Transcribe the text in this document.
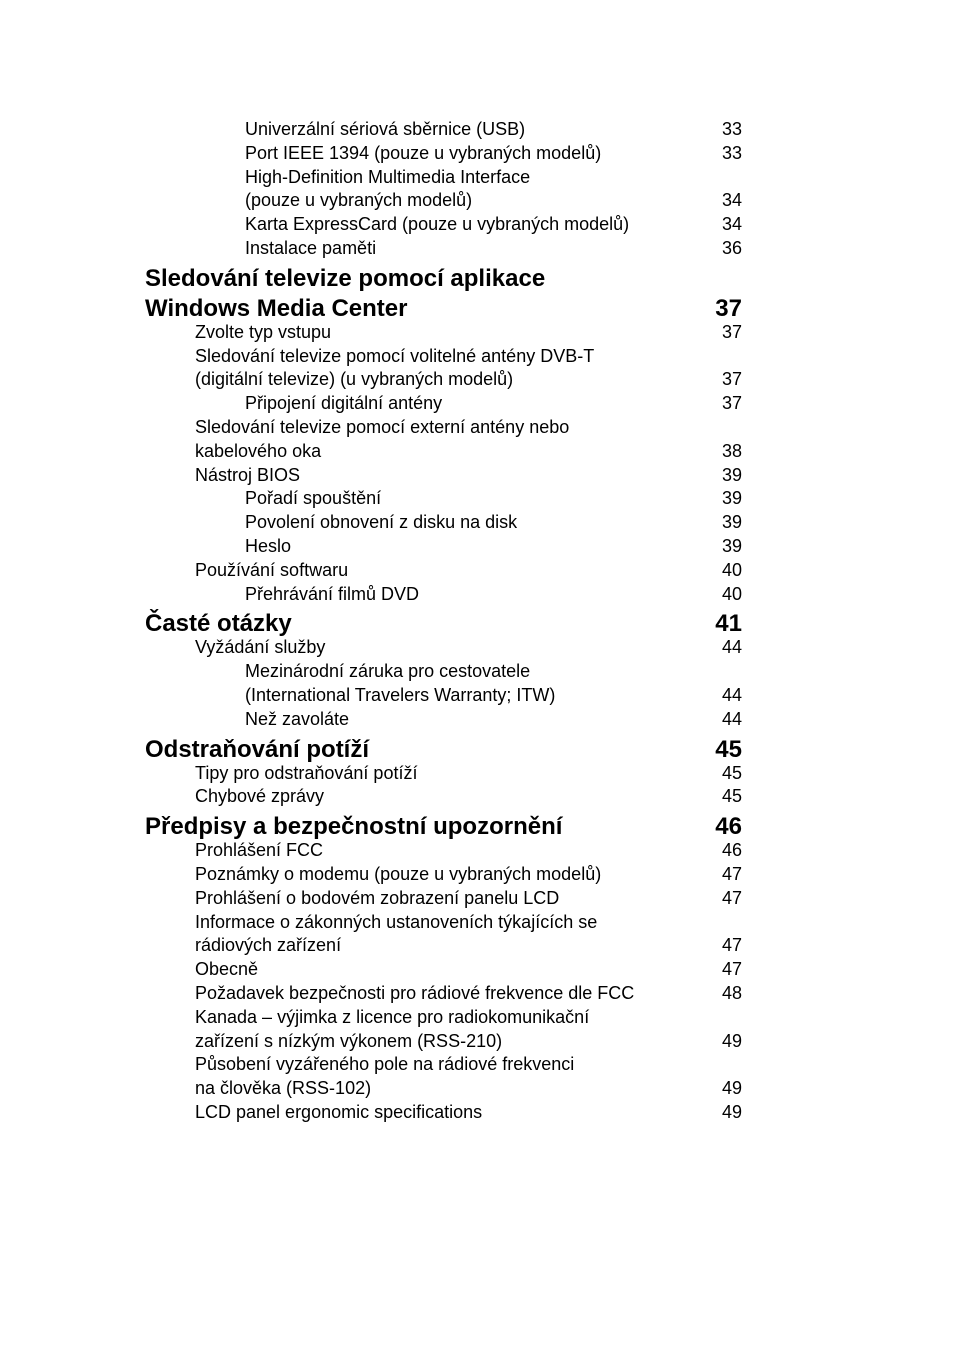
Univerzální sériová sběrnice (USB)	33
Port IEEE 1394 (pouze u vybraných modelů)	33
High-Definition Multimedia Interface
(pouze u vybraných modelů)	34
Karta ExpressCard (pouze u vybraných modelů)	34
Instalace paměti	36
Sledování televize pomocí aplikace
Windows Media Center	37
Zvolte typ vstupu	37
Sledování televize pomocí volitelné antény DVB-T
(digitální televize) (u vybraných modelů)	37
Připojení digitální antény	37
Sledování televize pomocí externí antény nebo
kabelového oka	38
Nástroj BIOS	39
Pořadí spouštění	39
Povolení obnovení z disku na disk	39
Heslo	39
Používání softwaru	40
Přehrávání filmů DVD	40
Časté otázky	41
Vyžádání služby	44
Mezinárodní záruka pro cestovatele
(International Travelers Warranty; ITW)	44
Než zavoláte	44
Odstraňování potíží	45
Tipy pro odstraňování potíží	45
Chybové zprávy	45
Předpisy a bezpečnostní upozornění	46
Prohlášení FCC	46
Poznámky o modemu (pouze u vybraných modelů)	47
Prohlášení o bodovém zobrazení panelu LCD	47
Informace o zákonných ustanoveních týkajících se
rádiových zařízení	47
Obecně	47
Požadavek bezpečnosti pro rádiové frekvence dle FCC	48
Kanada – výjimka z licence pro radiokomunikační
zařízení s nízkým výkonem (RSS-210)	49
Působení vyzářeného pole na rádiové frekvenci
na člověka (RSS-102)	49
LCD panel ergonomic specifications	49
